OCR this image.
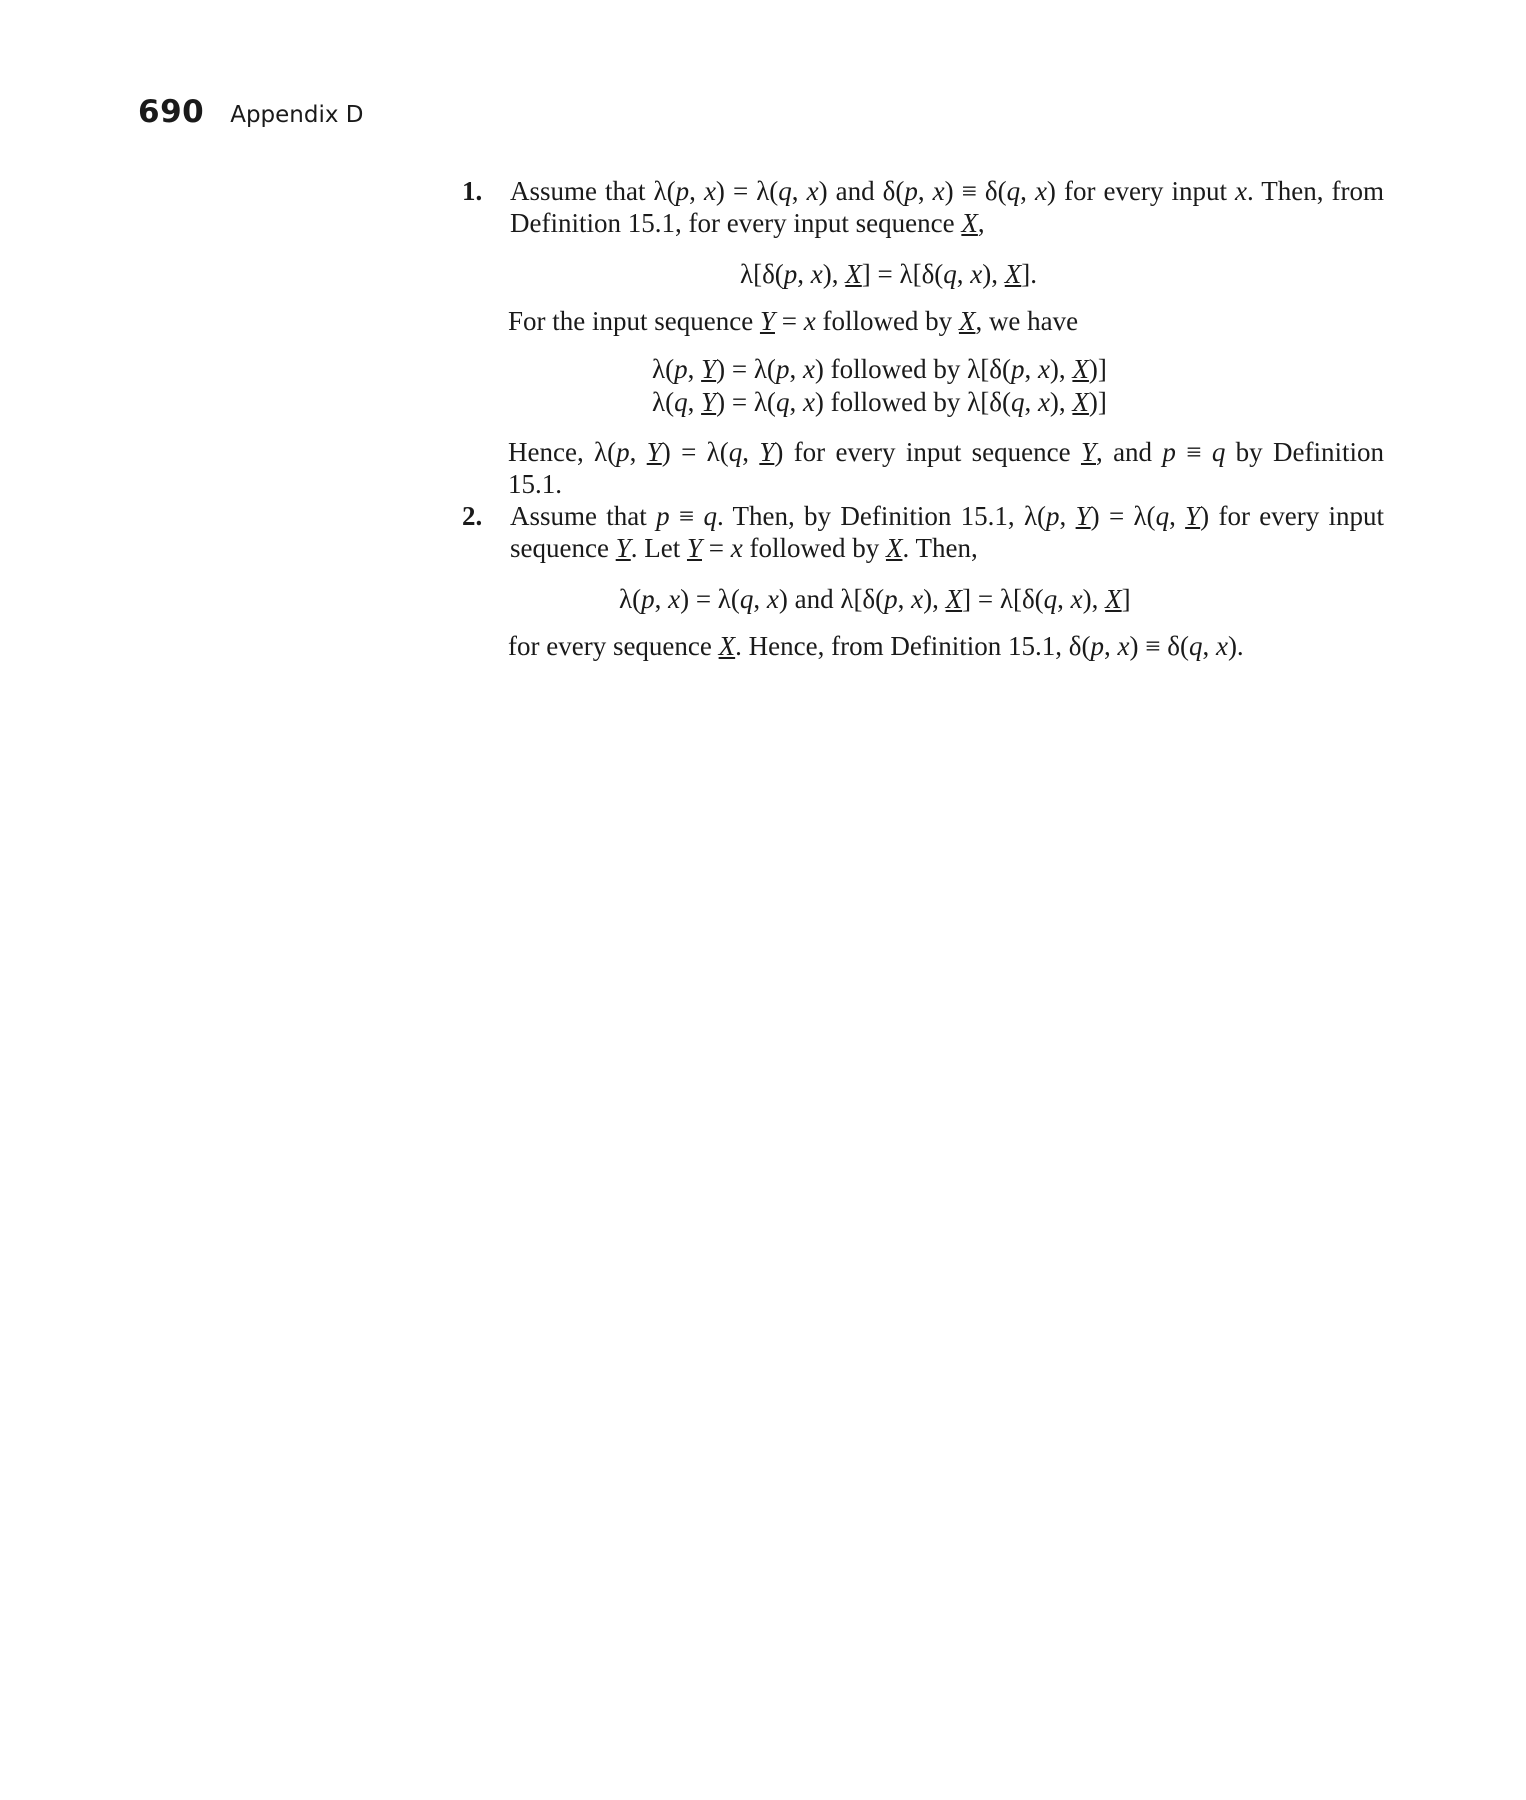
690 Appendix D
1. Assume that λ(p, x) = λ(q, x) and δ(p, x) ≡ δ(q, x) for every input x. Then, from Definition 15.1, for every input sequence X,
λ[δ(p, x), X] = λ[δ(q, x), X].
For the input sequence Y = x followed by X, we have
λ(p, Y) = λ(p, x) followed by λ[δ(p, x), X)]
λ(q, Y) = λ(q, x) followed by λ[δ(q, x), X)]
Hence, λ(p, Y) = λ(q, Y) for every input sequence Y, and p ≡ q by Definition 15.1.
2. Assume that p ≡ q. Then, by Definition 15.1, λ(p, Y) = λ(q, Y) for every input sequence Y. Let Y = x followed by X. Then,
λ(p, x) = λ(q, x) and λ[δ(p, x), X] = λ[δ(q, x), X]
for every sequence X. Hence, from Definition 15.1, δ(p, x) ≡ δ(q, x).
